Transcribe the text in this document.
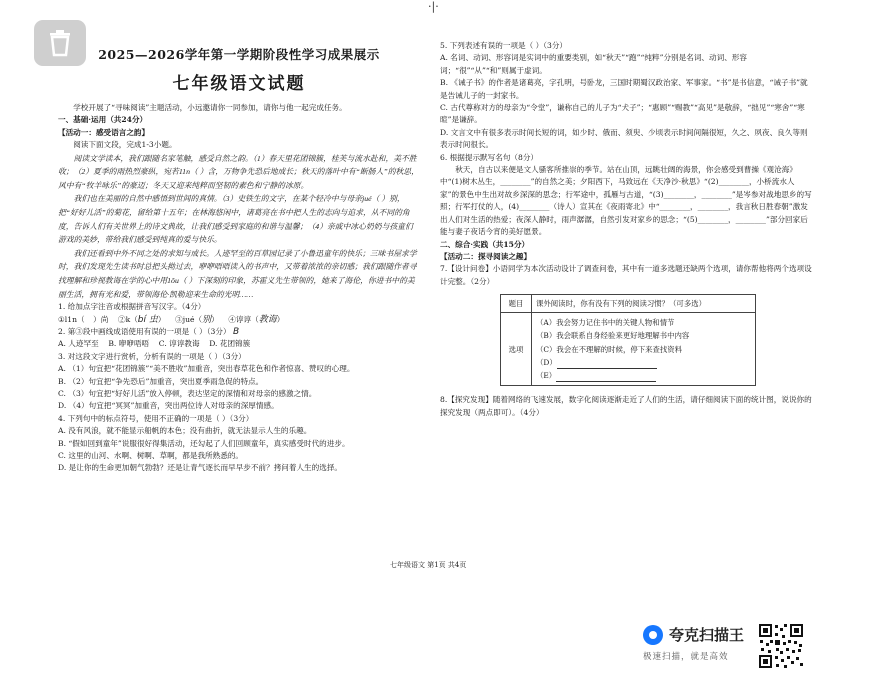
·|·
2025—2026学年第一学期阶段性学习成果展示
七年级语文试题

学校开展了“寻味阅读”主题活动，小远邀请你一同参加，请你与他一起完成任务。

一、基础·运用（共24分）

【活动一：感受语言之韵】

阅读下面文段，完成1-3小题。

阅读文学读本，我们跟随名家笔触，感受自然之韵。（1）春天里花团锦簇，桂芙与流水赴和，美不胜收；（2）夏季的雨热烈豪纵，宛若11n（ ）含，万物争先恐后地成长；秋天的落叶中有“断肠人”的秋思，风中有“牧羊咏乐”的豪迈；冬天又迎来纯粹而坚韧的素色和宁静的冰原。

我们也在美丽的自然中感悟到世间的真情。（3）史铁生的文字，在某个轻冷中与母亲jué（ ）别，把“好好儿活”的菊花，留给第十五年；在林海悠闲中，诸葛亮在书中把人生的志向与追求，从不同的角度，告诉人们有关世界上的诗文典故，让我们感受到家庭的和谐与温馨；（4）亲戚中冰心奶奶与孩童们游戏的美妙，带给我们感受到纯真的爱与快乐。

我们还看到中外不同之处的求知与成长。人迹罕至的百草园记录了小鲁迅童年的快乐；三味书屋求学时，我们发现先生读书时总把头拗过去，咿咿唔唔读入的书声中，又带着浓浓的亲切感；我们跟随作者寻找理解和珍视教诲在学的心中用1ǒu（ ）下深刻的印象，苏霍义先生带领的，她来了海伦，你进书中的美丽生活，拥有光和爱，带领海伦·凯勒迎来生命的光明……

1. 给加点字注音或根据拼音写汉字。（4分）

①l1n（ ）尚 ②k（bí 虫） ③jué（别） ④谆谆（教诲）

2. 第③段中画线成语使用有误的一项是（ ）（3分） B

A. 人迹罕至 B. 咿咿唔唔 C. 谆谆教诲 D. 花团锦簇

3. 对这段文字进行赏析，分析有误的一项是（ ）（3分）

A. （1）句宜把“花团锦簇”“美不胜收”加重音，突出春草花色和作者惊喜、赞叹的心理。

B. （2）句宜把“争先恐后”加重音，突出夏季雨急促的特点。

C. （3）句宜把“好好儿活”放入停顿，表达坚定的深情和对母亲的感激之情。

D. （4）句宜把“冥冥”加重音，突出两位诗人对母亲的深厚情感。

4. 下列句中的标点符号，使用不正确的一项是（ ）（3分）

A. 没有风浪，就不能显示船帆的本色；没有曲折，就无法显示人生的乐趣。

B. “假如回到童年”说服很好得集活动，还勾起了人们回顾童年，真实感受时代的进步。

C. 这里的山河、水啊、树啊、草啊，都是我所熟悉的。

D. 是让你的生命更加朝气勃勃？还是让青气逐长而早早步不前？拷问着人生的选择。

5. 下列表述有误的一项是（ ）（3分）

A. 名词、动词、形容词是实词中的重要类别，如“秋天”“跑”“纯粹”分别是名词、动词、形容词；“很”“从”“和”则属于虚词。

B. 《诫子书》的作者是诸葛亮，字孔明，号卧龙，三国时期蜀汉政治家、军事家。“书”是书信意，“诫子书”就是告诫儿子的一封家书。

C. 古代尊称对方的母亲为“令堂”，谦称自己的儿子为“犬子”；“惠顾”“赐教”“高见”是敬辞，“拙见”“寒舍”“寒暄”是谦辞。

D. 文言文中有很多表示时间长短的词，如少时、俄而、须臾、少顷表示时间间隔很短，久之、夙夜、良久等则表示时间很长。

6. 根据提示默写名句（8分）

秋天，自古以来便是文人骚客所推崇的季节。站在山顶，远眺壮阔的海景，你会感受到曹操《观沧海》中“(1)树木丛生，________”的自然之美；夕阳西下，马致远在《天净沙·秋思》“(2)________，小桥流水人家”的景色中生出对故乡深深的思念；行军途中，孤雁与古道，“(3)________，________”是岑参对战地思乡的写照；行军打仗的人，(4)________（诗人）宣其在《夜雨寄北》中“________，________，我言秋日胜春朝”激发出人们对生活的热爱；夜深人静时，雨声潺潺，自然引发对家乡的思念；“(5)________，________”部分回家后能与妻子夜话今宵的美好愿景。

二、综合·实践（共15分）

【活动二：探寻阅读之趣】

7.【设计问卷】小语同学为本次活动设计了调查问卷，其中有一道多选题还缺两个选项，请你帮他将两个选项设计完整。（2分）

题目	课外阅读时，你有没有下列的阅读习惯？（可多选）
选项	（A）我会努力记住书中的关键人物和情节
（B）我会联系自身经验来更好地理解书中内容
（C）我会在不理解的时候，停下来查找资料
（D）
（E）

8.【探究发现】随着网络的飞速发展，数字化阅读逐渐走近了人们的生活，请仔细阅读下面的统计图，说说你的探究发现（两点即可）。（4分）

七年级语文 第1页 共4页
夸克扫描王
极速扫描，就是高效
